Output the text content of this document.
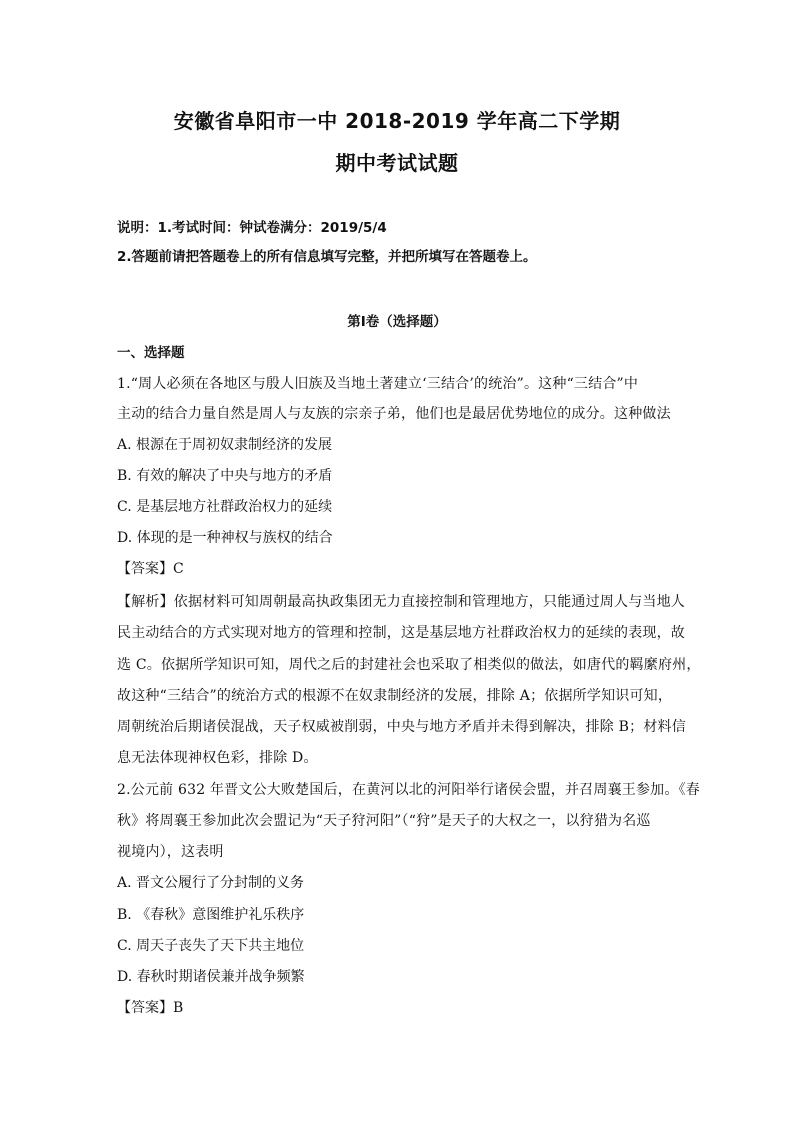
安徽省阜阳市一中 2018-2019 学年高二下学期
期中考试试题
说明：1.考试时间：钟试卷满分：2019/5/4
2.答题前请把答题卷上的所有信息填写完整，并把所填写在答题卷上。
第Ⅰ卷（选择题）
一、选择题
1.“周人必须在各地区与殷人旧族及当地土著建立‘三结合’的统治”。这种“三结合”中
主动的结合力量自然是周人与友族的宗亲子弟，他们也是最居优势地位的成分。这种做法
A. 根源在于周初奴隶制经济的发展
B. 有效的解决了中央与地方的矛盾
C. 是基层地方社群政治权力的延续
D. 体现的是一种神权与族权的结合
【答案】C
【解析】依据材料可知周朝最高执政集团无力直接控制和管理地方，只能通过周人与当地人
民主动结合的方式实现对地方的管理和控制，这是基层地方社群政治权力的延续的表现，故
选 C。依据所学知识可知，周代之后的封建社会也采取了相类似的做法，如唐代的羁縻府州，
故这种“三结合”的统治方式的根源不在奴隶制经济的发展，排除 A；依据所学知识可知，
周朝统治后期诸侯混战，天子权威被削弱，中央与地方矛盾并未得到解决，排除 B；材料信
息无法体现神权色彩，排除 D。
2.公元前 632 年晋文公大败楚国后，在黄河以北的河阳举行诸侯会盟，并召周襄王参加。《春
秋》将周襄王参加此次会盟记为“天子狩河阳”（“狩”是天子的大权之一，以狩猎为名巡
视境内），这表明
A. 晋文公履行了分封制的义务
B. 《春秋》意图维护礼乐秩序
C. 周天子丧失了天下共主地位
D. 春秋时期诸侯兼并战争频繁
【答案】B
